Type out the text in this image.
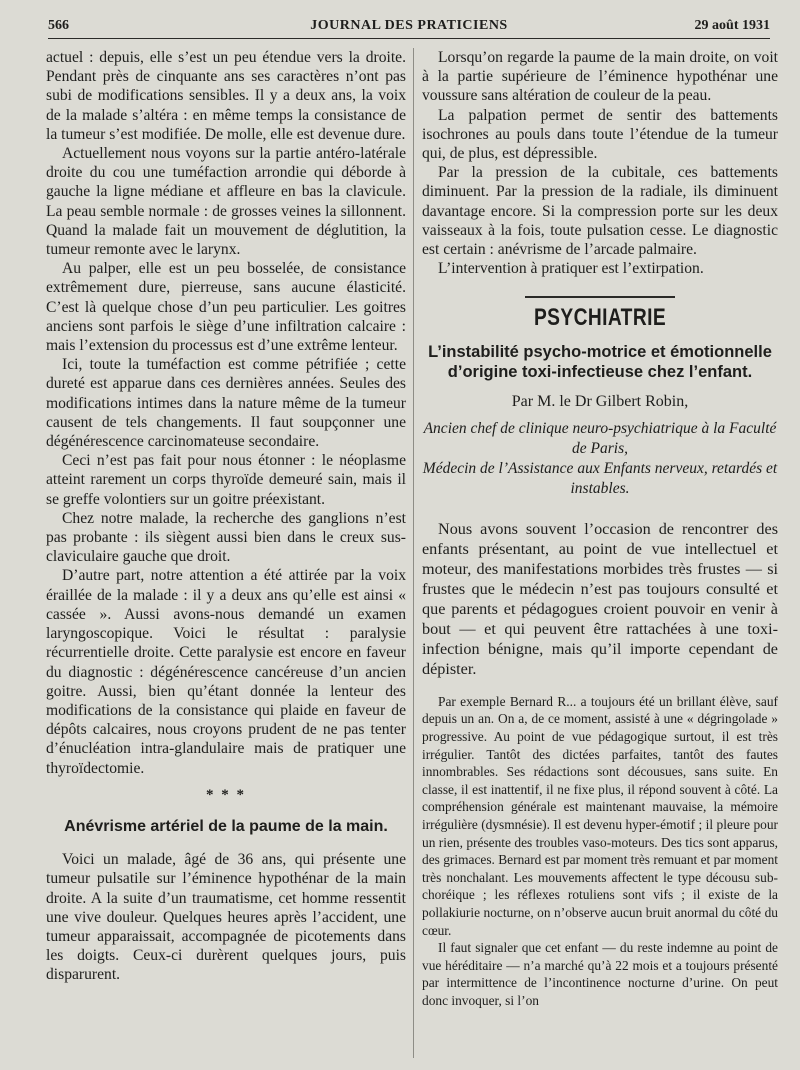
566	JOURNAL DES PRATICIENS	29 août 1931

actuel : depuis, elle s’est un peu étendue vers la droite. Pendant près de cinquante ans ses caractères n’ont pas subi de modifications sensibles. Il y a deux ans, la voix de la malade s’altéra : en même temps la consistance de la tumeur s’est modifiée. De molle, elle est devenue dure.

Actuellement nous voyons sur la partie antéro-latérale droite du cou une tuméfaction arrondie qui déborde à gauche la ligne médiane et affleure en bas la clavicule. La peau semble normale : de grosses veines la sillonnent. Quand la malade fait un mouvement de déglutition, la tumeur remonte avec le larynx.

Au palper, elle est un peu bosselée, de consistance extrêmement dure, pierreuse, sans aucune élasticité. C’est là quelque chose d’un peu particulier. Les goitres anciens sont parfois le siège d’une infiltration calcaire : mais l’extension du processus est d’une extrême lenteur.

Ici, toute la tuméfaction est comme pétrifiée ; cette dureté est apparue dans ces dernières années. Seules des modifications intimes dans la nature même de la tumeur causent de tels changements. Il faut soupçonner une dégénérescence carcinomateuse secondaire.

Ceci n’est pas fait pour nous étonner : le néoplasme atteint rarement un corps thyroïde demeuré sain, mais il se greffe volontiers sur un goitre préexistant.

Chez notre malade, la recherche des ganglions n’est pas probante : ils siègent aussi bien dans le creux sus-claviculaire gauche que droit.

D’autre part, notre attention a été attirée par la voix éraillée de la malade : il y a deux ans qu’elle est ainsi « cassée ». Aussi avons-nous demandé un examen laryngoscopique. Voici le résultat : paralysie récurrentielle droite. Cette paralysie est encore en faveur du diagnostic : dégénérescence cancéreuse d’un ancien goitre. Aussi, bien qu’étant donnée la lenteur des modifications de la consistance qui plaide en faveur de dépôts calcaires, nous croyons prudent de ne pas tenter d’énucléation intra-glandulaire mais de pratiquer une thyroïdectomie.

* * *
Anévrisme artériel de la paume de la main.

Voici un malade, âgé de 36 ans, qui présente une tumeur pulsatile sur l’éminence hypothénar de la main droite. A la suite d’un traumatisme, cet homme ressentit une vive douleur. Quelques heures après l’accident, une tumeur apparaissait, accompagnée de picotements dans les doigts. Ceux-ci durèrent quelques jours, puis disparurent.

Lorsqu’on regarde la paume de la main droite, on voit à la partie supérieure de l’éminence hypothénar une voussure sans altération de couleur de la peau.

La palpation permet de sentir des battements isochrones au pouls dans toute l’étendue de la tumeur qui, de plus, est dépressible.

Par la pression de la cubitale, ces battements diminuent. Par la pression de la radiale, ils diminuent davantage encore. Si la compression porte sur les deux vaisseaux à la fois, toute pulsation cesse. Le diagnostic est certain : anévrisme de l’arcade palmaire.

L’intervention à pratiquer est l’extirpation.

PSYCHIATRIE
L’instabilité psycho-motrice et émotionnelle d’origine toxi-infectieuse chez l’enfant.
Par M. le Dr Gilbert Robin,
Ancien chef de clinique neuro-psychiatrique à la Faculté de Paris,
Médecin de l’Assistance aux Enfants nerveux, retardés et instables.

Nous avons souvent l’occasion de rencontrer des enfants présentant, au point de vue intellectuel et moteur, des manifestations morbides très frustes — si frustes que le médecin n’est pas toujours consulté et que parents et pédagogues croient pouvoir en venir à bout — et qui peuvent être rattachées à une toxi-infection bénigne, mais qu’il importe cependant de dépister.

Par exemple Bernard R... a toujours été un brillant élève, sauf depuis un an. On a, de ce moment, assisté à une « dégringolade » progressive. Au point de vue pédagogique surtout, il est très irrégulier. Tantôt des dictées parfaites, tantôt des fautes innombrables. Ses rédactions sont décousues, sans suite. En classe, il est inattentif, il ne fixe plus, il répond souvent à côté. La compréhension générale est maintenant mauvaise, la mémoire irrégulière (dysmnésie). Il est devenu hyper-émotif ; il pleure pour un rien, présente des troubles vaso-moteurs. Des tics sont apparus, des grimaces. Bernard est par moment très remuant et par moment très nonchalant. Les mouvements affectent le type décousu sub-choréique ; les réflexes rotuliens sont vifs ; il existe de la pollakiurie nocturne, on n’observe aucun bruit anormal du côté du cœur.

Il faut signaler que cet enfant — du reste indemne au point de vue héréditaire — n’a marché qu’à 22 mois et a toujours présenté par intermittence de l’incontinence nocturne d’urine. On peut donc invoquer, si l’on
